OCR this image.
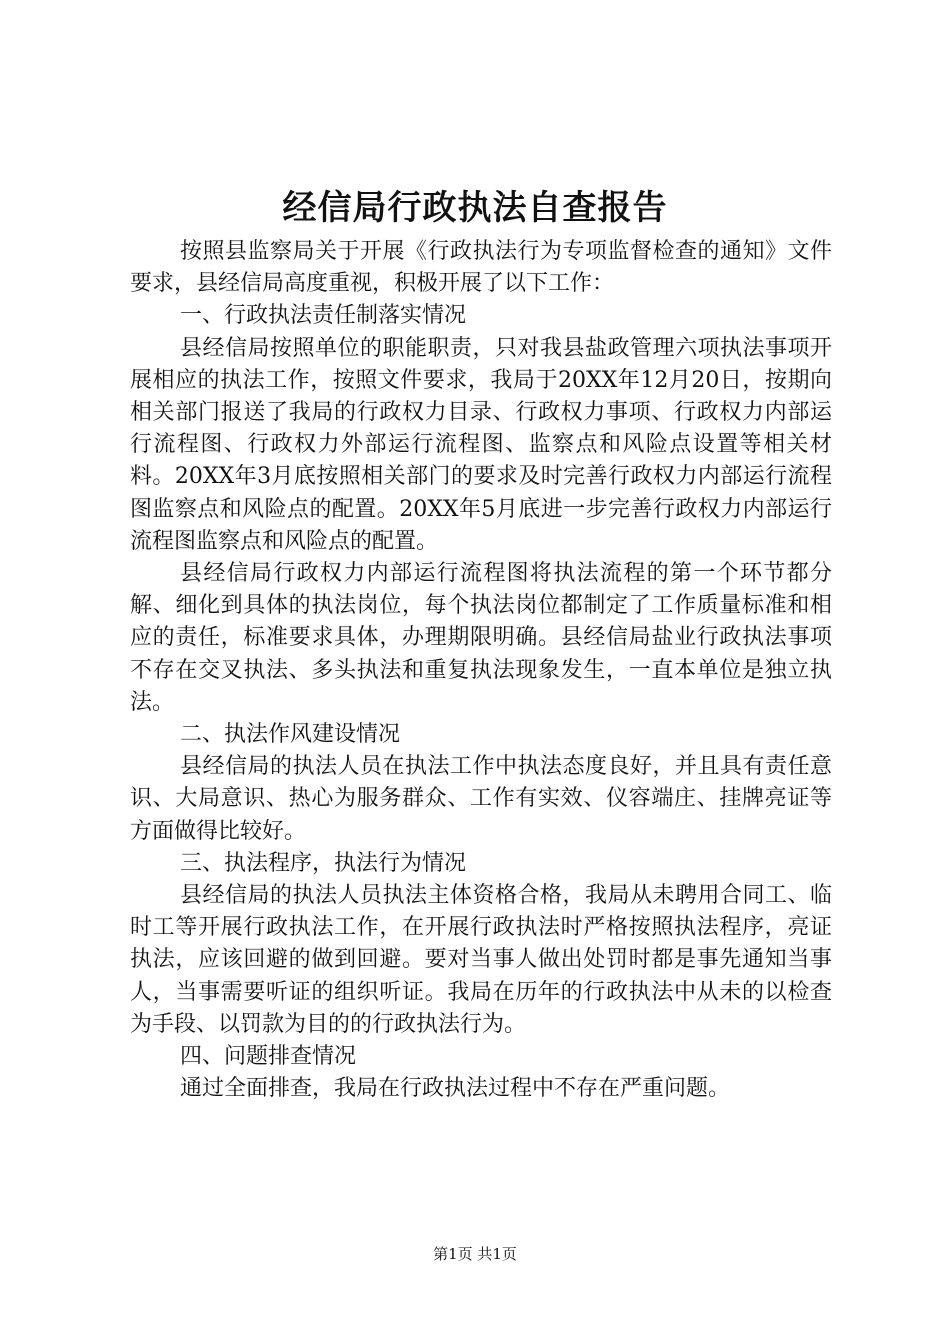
经信局行政执法自查报告

按照县监察局关于开展《行政执法行为专项监督检查的通知》文件要求，县经信局高度重视，积极开展了以下工作：

一、行政执法责任制落实情况

县经信局按照单位的职能职责，只对我县盐政管理六项执法事项开展相应的执法工作，按照文件要求，我局于20XX年12月20日，按期向相关部门报送了我局的行政权力目录、行政权力事项、行政权力内部运行流程图、行政权力外部运行流程图、监察点和风险点设置等相关材料。20XX年3月底按照相关部门的要求及时完善行政权力内部运行流程图监察点和风险点的配置。20XX年5月底进一步完善行政权力内部运行流程图监察点和风险点的配置。

县经信局行政权力内部运行流程图将执法流程的第一个环节都分解、细化到具体的执法岗位，每个执法岗位都制定了工作质量标准和相应的责任，标准要求具体，办理期限明确。县经信局盐业行政执法事项不存在交叉执法、多头执法和重复执法现象发生，一直本单位是独立执法。

二、执法作风建设情况

县经信局的执法人员在执法工作中执法态度良好，并且具有责任意识、大局意识、热心为服务群众、工作有实效、仪容端庄、挂牌亮证等方面做得比较好。

三、执法程序，执法行为情况

县经信局的执法人员执法主体资格合格，我局从未聘用合同工、临时工等开展行政执法工作，在开展行政执法时严格按照执法程序，亮证执法，应该回避的做到回避。要对当事人做出处罚时都是事先通知当事人，当事需要听证的组织听证。我局在历年的行政执法中从未的以检查为手段、以罚款为目的的行政执法行为。

四、问题排查情况

通过全面排查，我局在行政执法过程中不存在严重问题。

第1页 共1页
